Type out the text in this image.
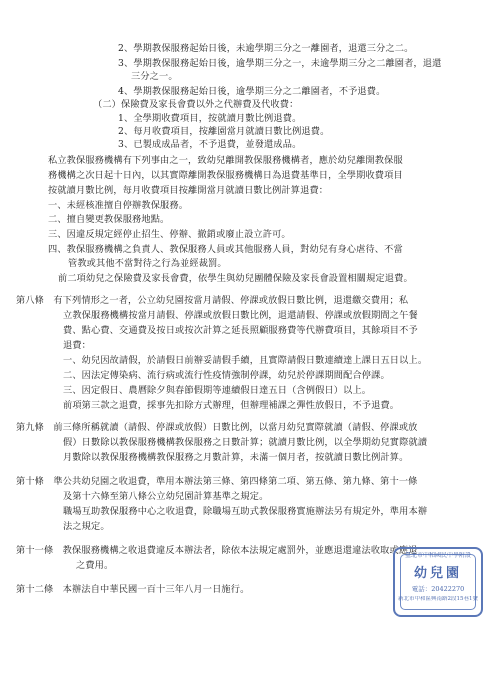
2、學期教保服務起始日後，未逾學期三分之一離園者，退還三分之二。
3、學期教保服務起始日後，逾學期三分之一，未逾學期三分之二離園者，退還
三分之一。
4、學期教保服務起始日後，逾學期三分之二離園者，不予退費。
（二）保險費及家長會費以外之代辦費及代收費：
1、全學期收費項目，按就讀月數比例退費。
2、每月收費項目，按離園當月就讀日數比例退費。
3、已製成成品者，不予退費，並發還成品。
私立教保服務機構有下列事由之一，致幼兒離開教保服務機構者，應於幼兒離開教保服
務機構之次日起十日內，以其實際離開教保服務機構日為退費基準日，全學期收費項目
按就讀月數比例，每月收費項目按離開當月就讀日數比例計算退費：
一、未經核准擅自停辦教保服務。
二、擅自變更教保服務地點。
三、因違反規定經停止招生、停辦、撤銷或廢止設立許可。
四、教保服務機構之負責人、教保服務人員或其他服務人員，對幼兒有身心虐待、不當
管教或其他不當對待之行為並經裁罰。
前二項幼兒之保險費及家長會費，依學生與幼兒團體保險及家長會設置相關規定退費。
第八條　有下列情形之一者，公立幼兒園按當月請假、停課或放假日數比例，退還繳交費用；私
立教保服務機構按當月請假、停課或放假日數比例，退還請假、停課或放假期間之午餐
費、點心費、交通費及按日或按次計算之延長照顧服務費等代辦費項目，其餘項目不予
退費：
一、幼兒因故請假，於請假日前辦妥請假手續，且實際請假日數連續達上課日五日以上。
二、因法定傳染病、流行病或流行性疫情強制停課，幼兒於停課期間配合停課。
三、因定假日、農曆除夕與春節假期等連續假日達五日（含例假日）以上。
前項第三款之退費，採事先扣除方式辦理，但辦理補課之彈性放假日，不予退費。
第九條　前三條所稱就讀（請假、停課或放假）日數比例，以當月幼兒實際就讀（請假、停課或放
假）日數除以教保服務機構教保服務之日數計算；就讀月數比例，以全學期幼兒實際就讀
月數除以教保服務機構教保服務之月數計算，未滿一個月者，按就讀日數比例計算。
第十條　準公共幼兒園之收退費，準用本辦法第三條、第四條第二項、第五條、第九條、第十一條
及第十六條至第八條公立幼兒園計算基準之規定。
職場互助教保服務中心之收退費，除職場互助式教保服務實施辦法另有規定外，準用本辦
法之規定。
第十一條　教保服務機構之收退費違反本辦法者，除依本法規定處罰外，並應退還違法收取或應退
之費用。
第十二條　本辦法自中華民國一百十三年八月一日施行。
臺北市中和國民中學附設
幼兒園
電話：20422270
新北市中和區興南路2段15巷1號
